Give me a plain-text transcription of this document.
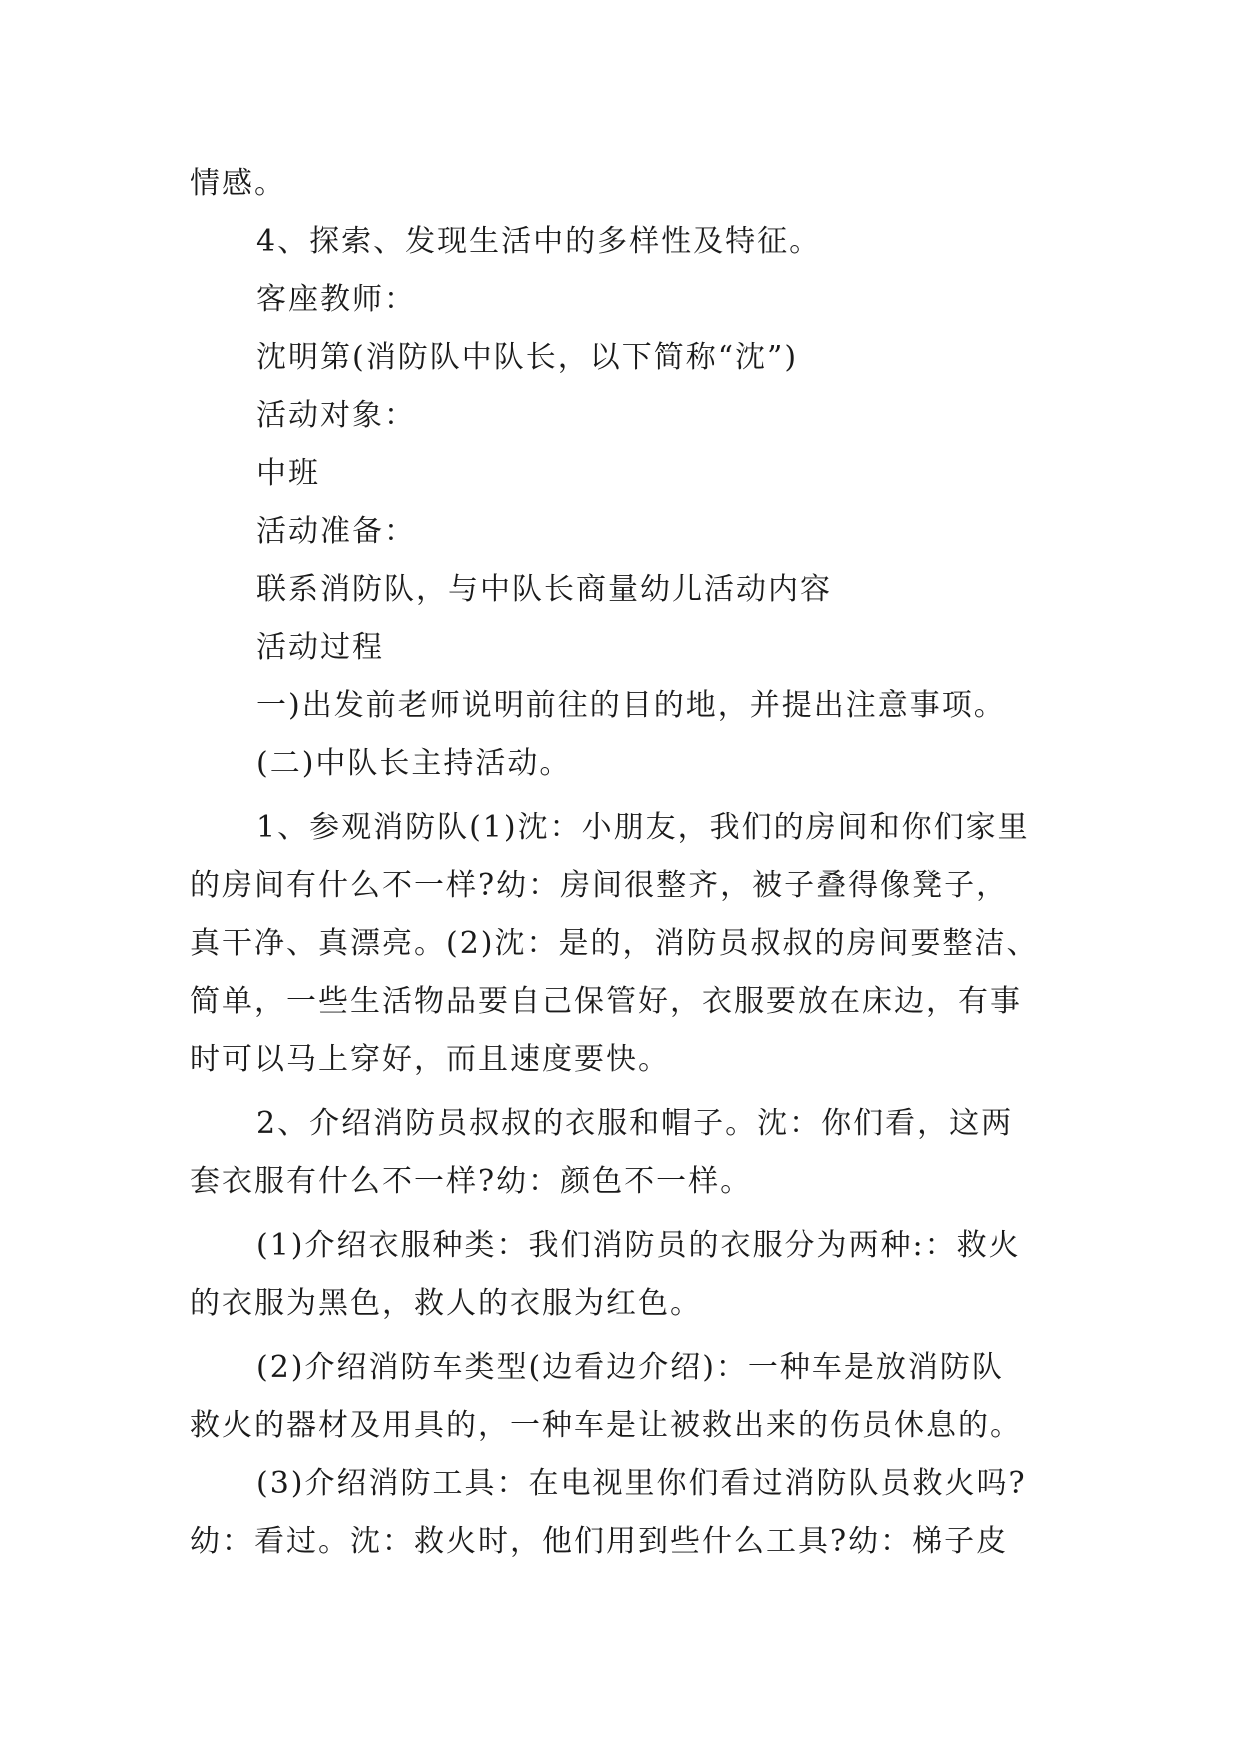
情感。
4、探索、发现生活中的多样性及特征。
客座教师：
沈明第(消防队中队长，以下简称“沈”)
活动对象：
中班
活动准备：
联系消防队，与中队长商量幼儿活动内容
活动过程
一)出发前老师说明前往的目的地，并提出注意事项。
(二)中队长主持活动。
1、参观消防队(1)沈：小朋友，我们的房间和你们家里
的房间有什么不一样?幼：房间很整齐，被子叠得像凳子，
真干净、真漂亮。(2)沈：是的，消防员叔叔的房间要整洁、
简单，一些生活物品要自己保管好，衣服要放在床边，有事
时可以马上穿好，而且速度要快。
2、介绍消防员叔叔的衣服和帽子。沈：你们看，这两
套衣服有什么不一样?幼：颜色不一样。
(1)介绍衣服种类：我们消防员的衣服分为两种:：救火
的衣服为黑色，救人的衣服为红色。
(2)介绍消防车类型(边看边介绍)：一种车是放消防队
救火的器材及用具的，一种车是让被救出来的伤员休息的。
(3)介绍消防工具：在电视里你们看过消防队员救火吗?
幼：看过。沈：救火时，他们用到些什么工具?幼：梯子皮
